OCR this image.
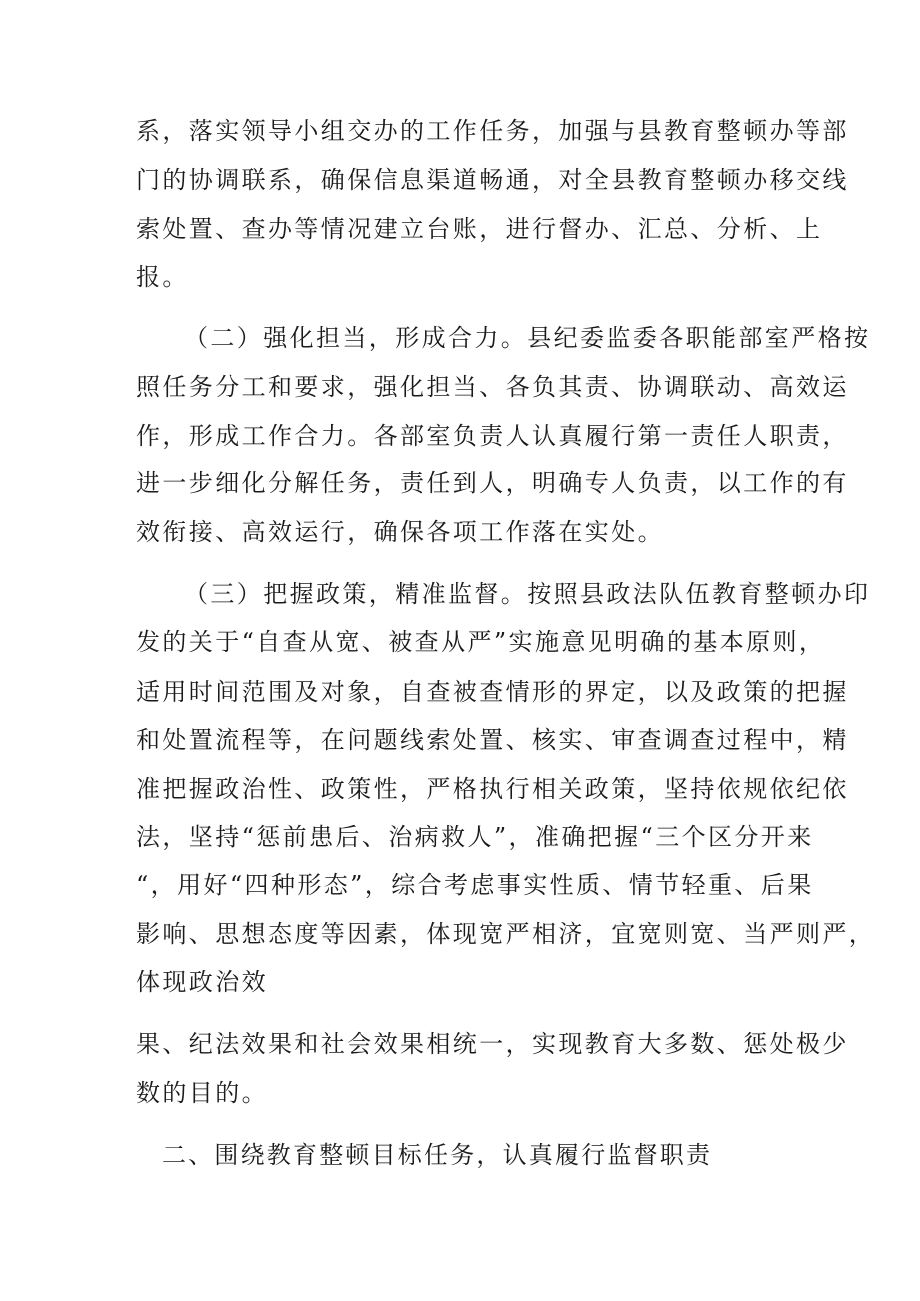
系，落实领导小组交办的工作任务，加强与县教育整顿办等部
门的协调联系，确保信息渠道畅通，对全县教育整顿办移交线
索处置、查办等情况建立台账，进行督办、汇总、分析、上
报。
（二）强化担当，形成合力。县纪委监委各职能部室严格按
照任务分工和要求，强化担当、各负其责、协调联动、高效运
作，形成工作合力。各部室负责人认真履行第一责任人职责，
进一步细化分解任务，责任到人，明确专人负责，以工作的有
效衔接、高效运行，确保各项工作落在实处。
（三）把握政策，精准监督。按照县政法队伍教育整顿办印
发的关于“自查从宽、被查从严”实施意见明确的基本原则，
适用时间范围及对象，自查被查情形的界定，以及政策的把握
和处置流程等，在问题线索处置、核实、审查调查过程中，精
准把握政治性、政策性，严格执行相关政策，坚持依规依纪依
法，坚持“惩前患后、治病救人”，准确把握“三个区分开来
“，用好“四种形态”，综合考虑事实性质、情节轻重、后果
影响、思想态度等因素，体现宽严相济，宜宽则宽、当严则严，
体现政治效
果、纪法效果和社会效果相统一，实现教育大多数、惩处极少
数的目的。
二、围绕教育整顿目标任务，认真履行监督职责
